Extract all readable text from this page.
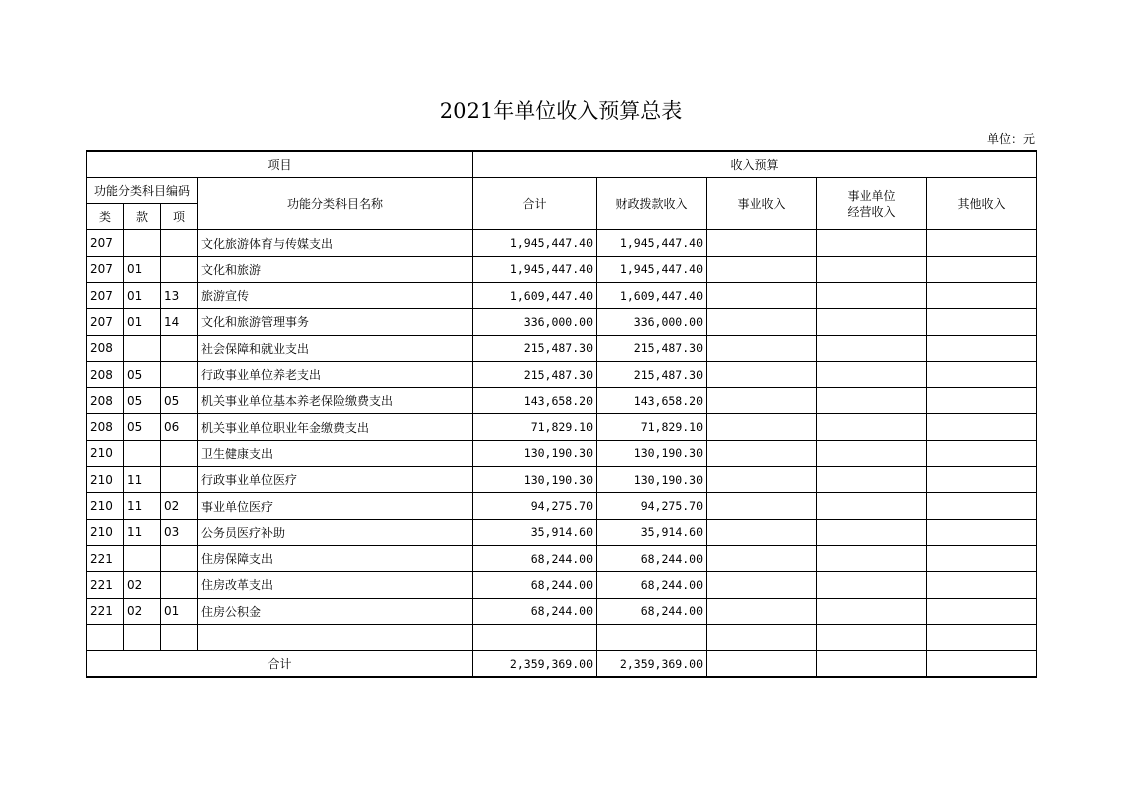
2021年单位收入预算总表
单位：元
项目				收入预算				
功能分类科目编码			功能分类科目名称	合计	财政拨款收入	事业收入	事业单位
经营收入	其他收入
类	款	项						
207			文化旅游体育与传媒支出	1,945,447.40	1,945,447.40			
207	01		文化和旅游	1,945,447.40	1,945,447.40			
207	01	13	旅游宣传	1,609,447.40	1,609,447.40			
207	01	14	文化和旅游管理事务	336,000.00	336,000.00			
208			社会保障和就业支出	215,487.30	215,487.30			
208	05		行政事业单位养老支出	215,487.30	215,487.30			
208	05	05	机关事业单位基本养老保险缴费支出	143,658.20	143,658.20			
208	05	06	机关事业单位职业年金缴费支出	71,829.10	71,829.10			
210			卫生健康支出	130,190.30	130,190.30			
210	11		行政事业单位医疗	130,190.30	130,190.30			
210	11	02	事业单位医疗	94,275.70	94,275.70			
210	11	03	公务员医疗补助	35,914.60	35,914.60			
221			住房保障支出	68,244.00	68,244.00			
221	02		住房改革支出	68,244.00	68,244.00			
221	02	01	住房公积金	68,244.00	68,244.00			

合计				2,359,369.00	2,359,369.00			
